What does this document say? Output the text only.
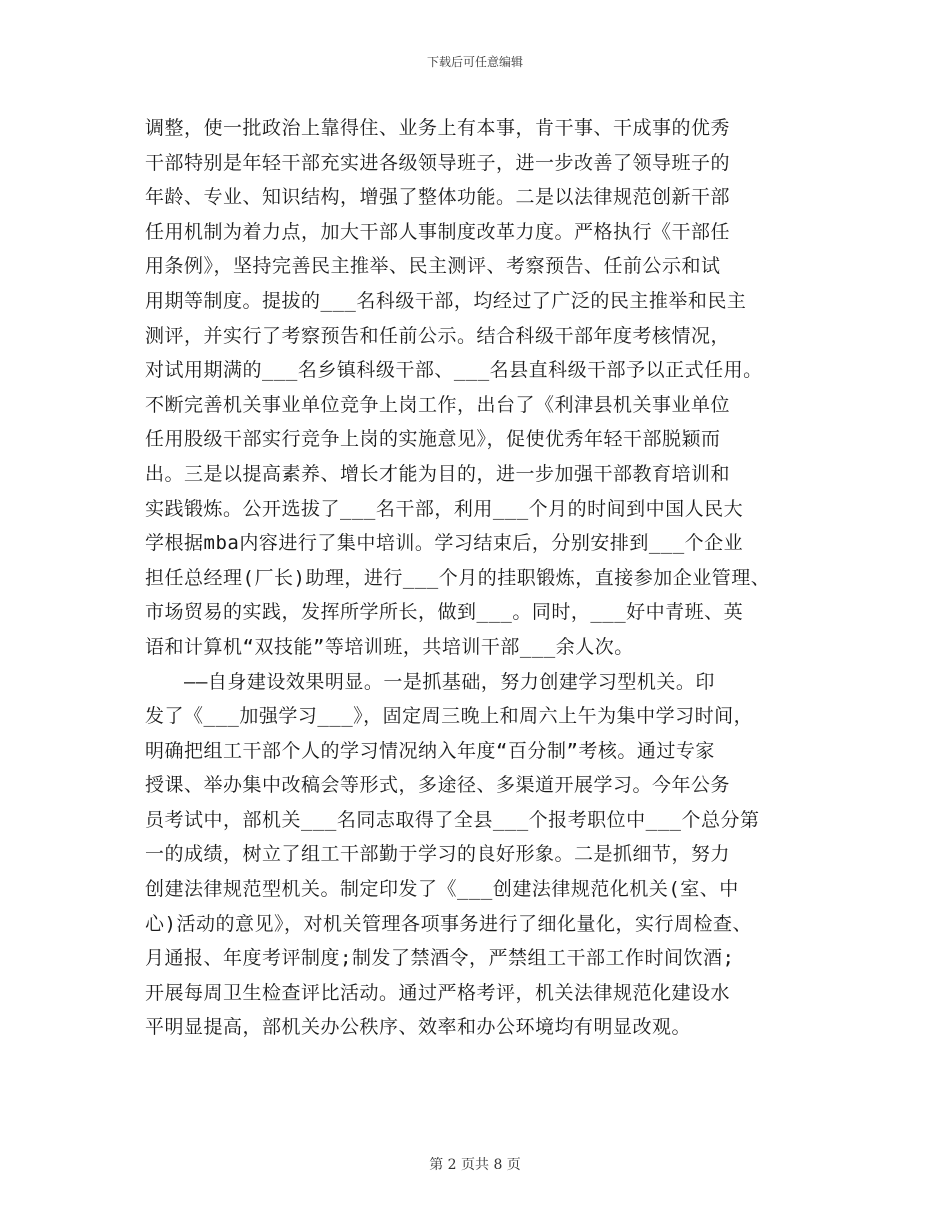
下载后可任意编辑
调整，使一批政治上靠得住、业务上有本事，肯干事、干成事的优秀
干部特别是年轻干部充实进各级领导班子，进一步改善了领导班子的
年龄、专业、知识结构，增强了整体功能。二是以法律规范创新干部
任用机制为着力点，加大干部人事制度改革力度。严格执行《干部任
用条例》，坚持完善民主推举、民主测评、考察预告、任前公示和试
用期等制度。提拔的___名科级干部，均经过了广泛的民主推举和民主
测评，并实行了考察预告和任前公示。结合科级干部年度考核情况，
对试用期满的___名乡镇科级干部、___名县直科级干部予以正式任用。
不断完善机关事业单位竞争上岗工作，出台了《利津县机关事业单位
任用股级干部实行竞争上岗的实施意见》，促使优秀年轻干部脱颖而
出。三是以提高素养、增长才能为目的，进一步加强干部教育培训和
实践锻炼。公开选拔了___名干部，利用___个月的时间到中国人民大
学根据mba内容进行了集中培训。学习结束后，分别安排到___个企业
担任总经理(厂长)助理，进行___个月的挂职锻炼，直接参加企业管理、
市场贸易的实践，发挥所学所长，做到___。同时，___好中青班、英
语和计算机“双技能”等培训班，共培训干部___余人次。
　　——自身建设效果明显。一是抓基础，努力创建学习型机关。印
发了《___加强学习___》，固定周三晚上和周六上午为集中学习时间，
明确把组工干部个人的学习情况纳入年度“百分制”考核。通过专家
授课、举办集中改稿会等形式，多途径、多渠道开展学习。今年公务
员考试中，部机关___名同志取得了全县___个报考职位中___个总分第
一的成绩，树立了组工干部勤于学习的良好形象。二是抓细节，努力
创建法律规范型机关。制定印发了《___创建法律规范化机关(室、中
心)活动的意见》，对机关管理各项事务进行了细化量化，实行周检查、
月通报、年度考评制度;制发了禁酒令，严禁组工干部工作时间饮酒;
开展每周卫生检查评比活动。通过严格考评，机关法律规范化建设水
平明显提高，部机关办公秩序、效率和办公环境均有明显改观。
第 2 页共 8 页
